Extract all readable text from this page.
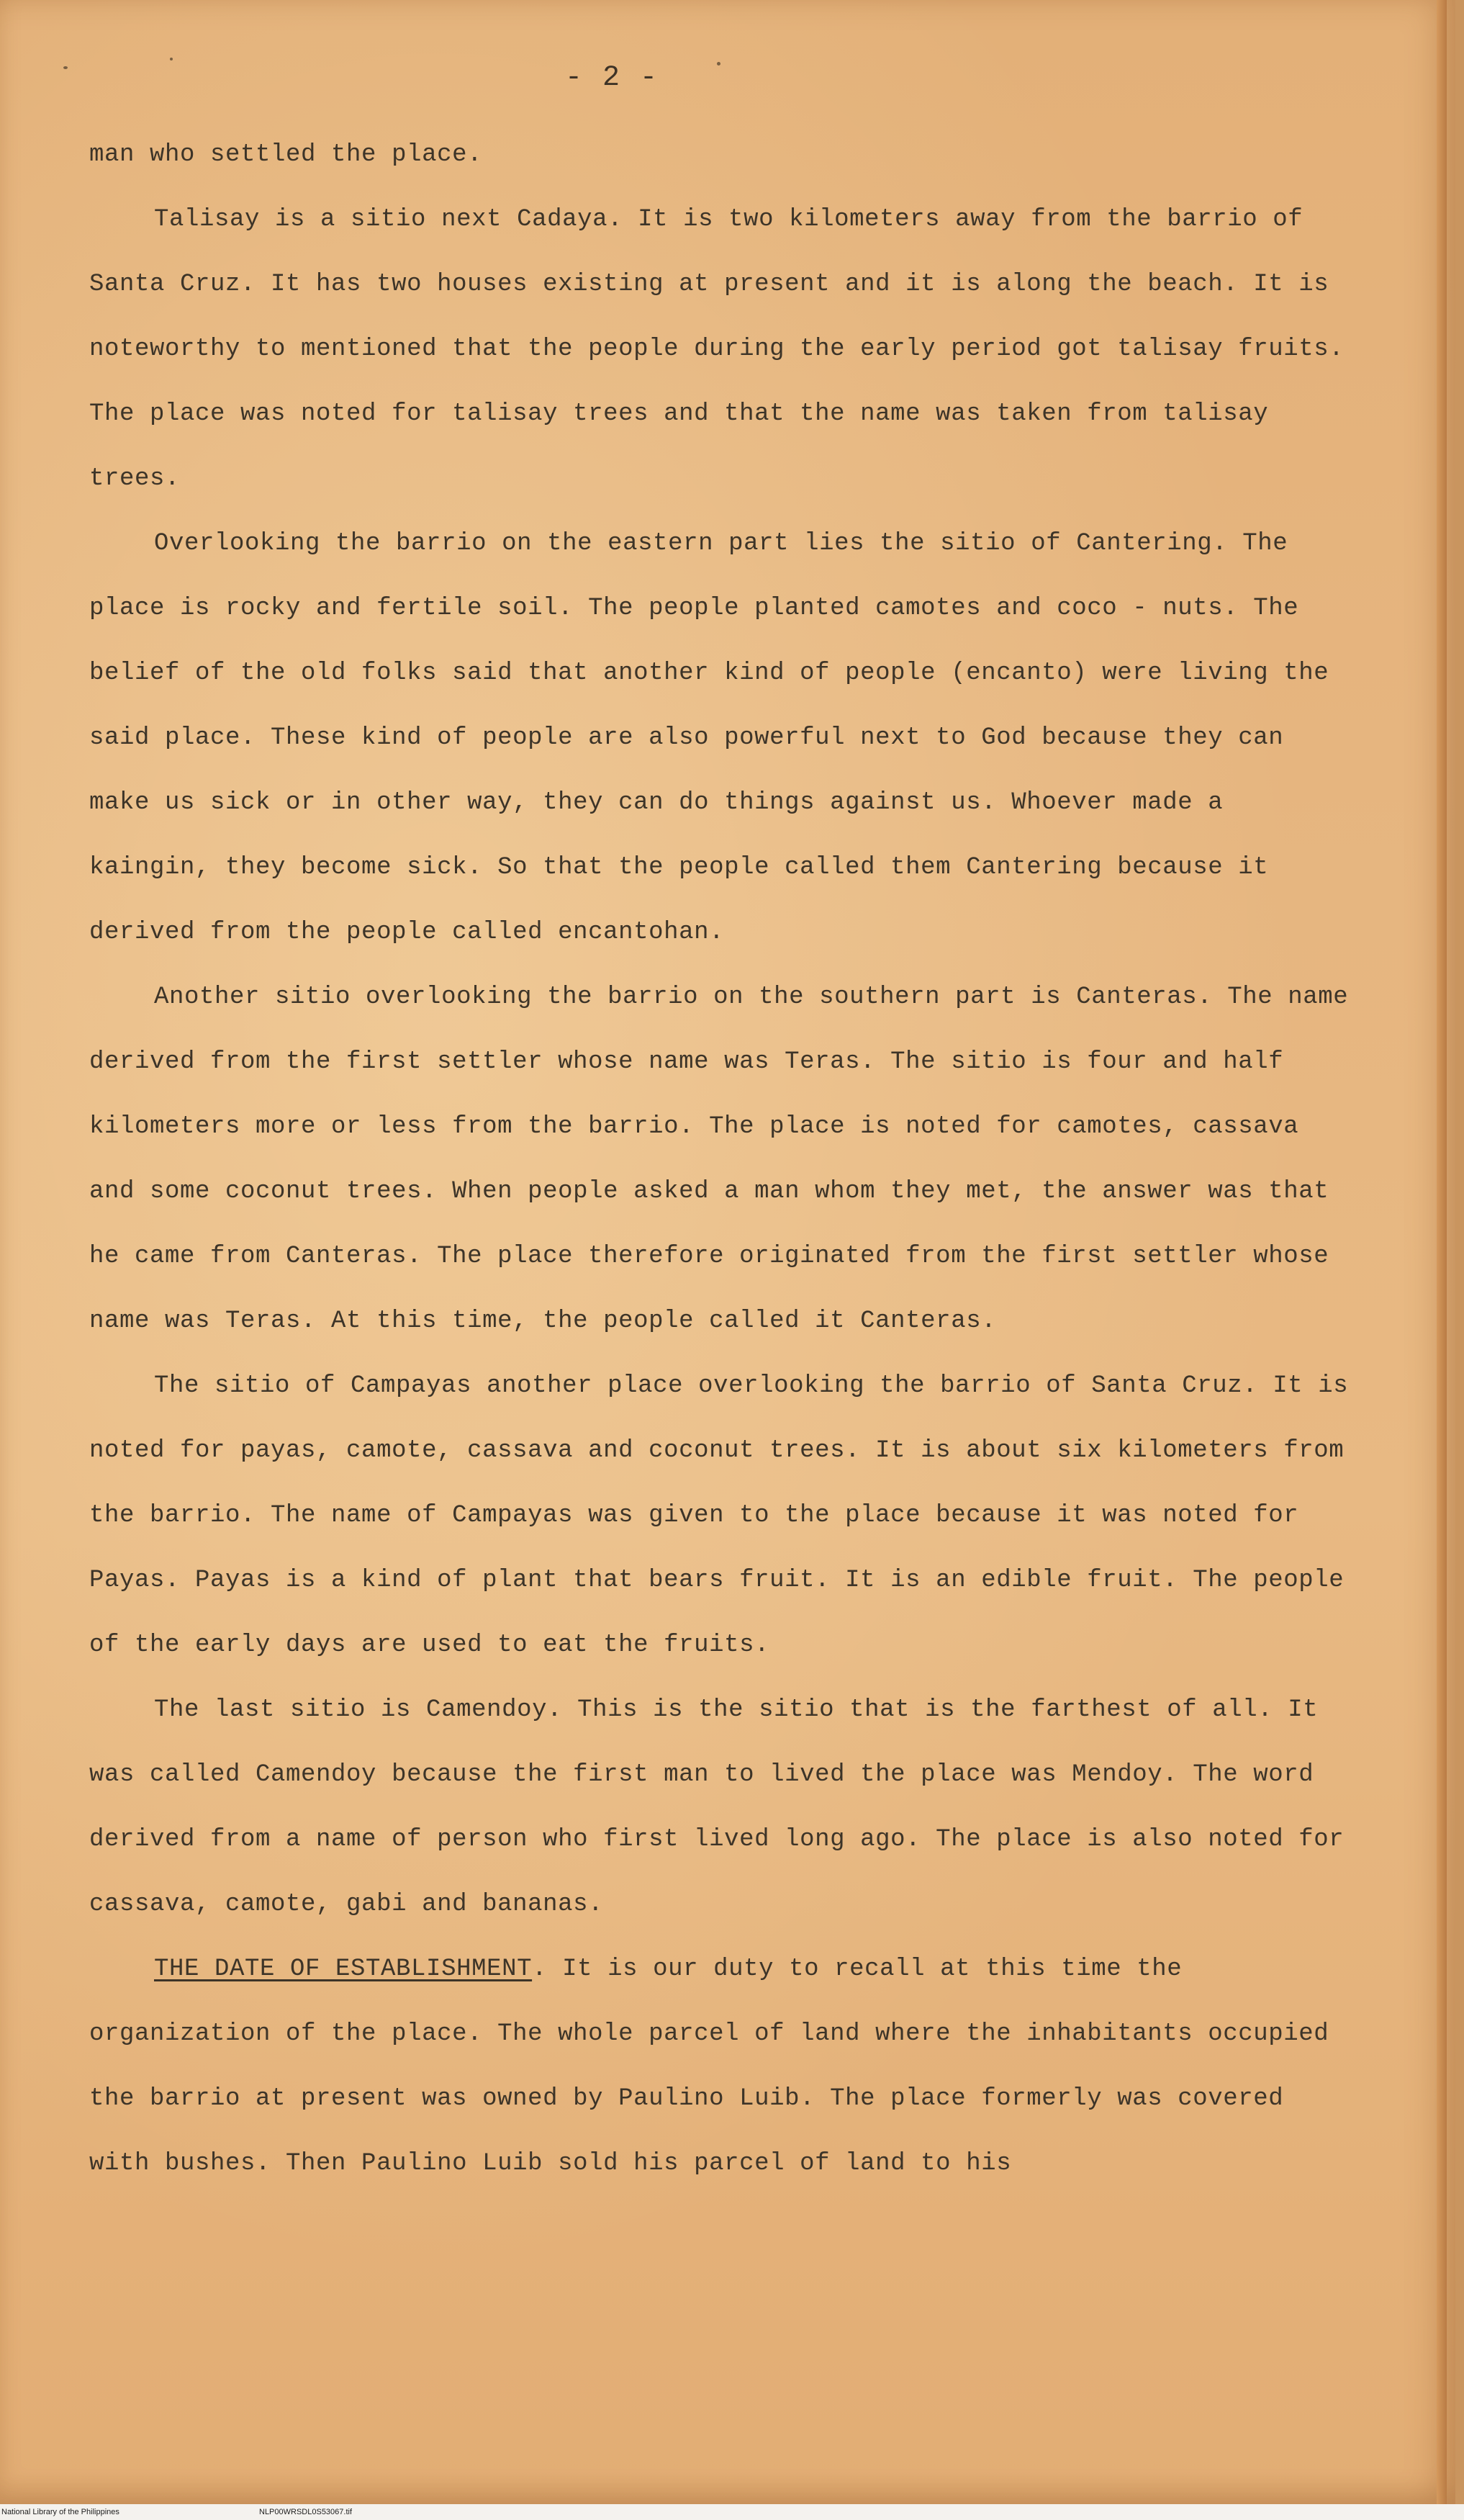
- 2 -

man who settled the place.

Talisay is a sitio next Cadaya. It is two kilometers away from the barrio of Santa Cruz. It has two houses existing at present and it is along the beach. It is noteworthy to mentioned that the people during the early period got talisay fruits. The place was noted for talisay trees and that the name was taken from talisay trees.

Overlooking the barrio on the eastern part lies the sitio of Cantering. The place is rocky and fertile soil. The people planted camotes and coco - nuts. The belief of the old folks said that another kind of people (encanto) were living the said place. These kind of people are also powerful next to God because they can make us sick or in other way, they can do things against us. Whoever made a kaingin, they become sick. So that the people called them Cantering because it derived from the people called encantohan.

Another sitio overlooking the barrio on the southern part is Canteras. The name derived from the first settler whose name was Teras. The sitio is four and half kilometers more or less from the barrio. The place is noted for camotes, cassava and some coconut trees. When people asked a man whom they met, the answer was that he came from Canteras. The place therefore originated from the first settler whose name was Teras. At this time, the people called it Canteras.

The sitio of Campayas another place overlooking the barrio of Santa Cruz. It is noted for payas, camote, cassava and coconut trees. It is about six kilometers from the barrio. The name of Campayas was given to the place because it was noted for Payas. Payas is a kind of plant that bears fruit. It is an edible fruit. The people of the early days are used to eat the fruits.

The last sitio is Camendoy. This is the sitio that is the farthest of all. It was called Camendoy because the first man to lived the place was Mendoy. The word derived from a name of person who first lived long ago. The place is also noted for cassava, camote, gabi and bananas.

THE DATE OF ESTABLISHMENT. It is our duty to recall at this time the organization of the place. The whole parcel of land where the inhabitants occupied the barrio at present was owned by Paulino Luib. The place formerly was covered with bushes. Then Paulino Luib sold his parcel of land to his

National Library of the Philippines	NLP00WRSDL0S53067.tif
